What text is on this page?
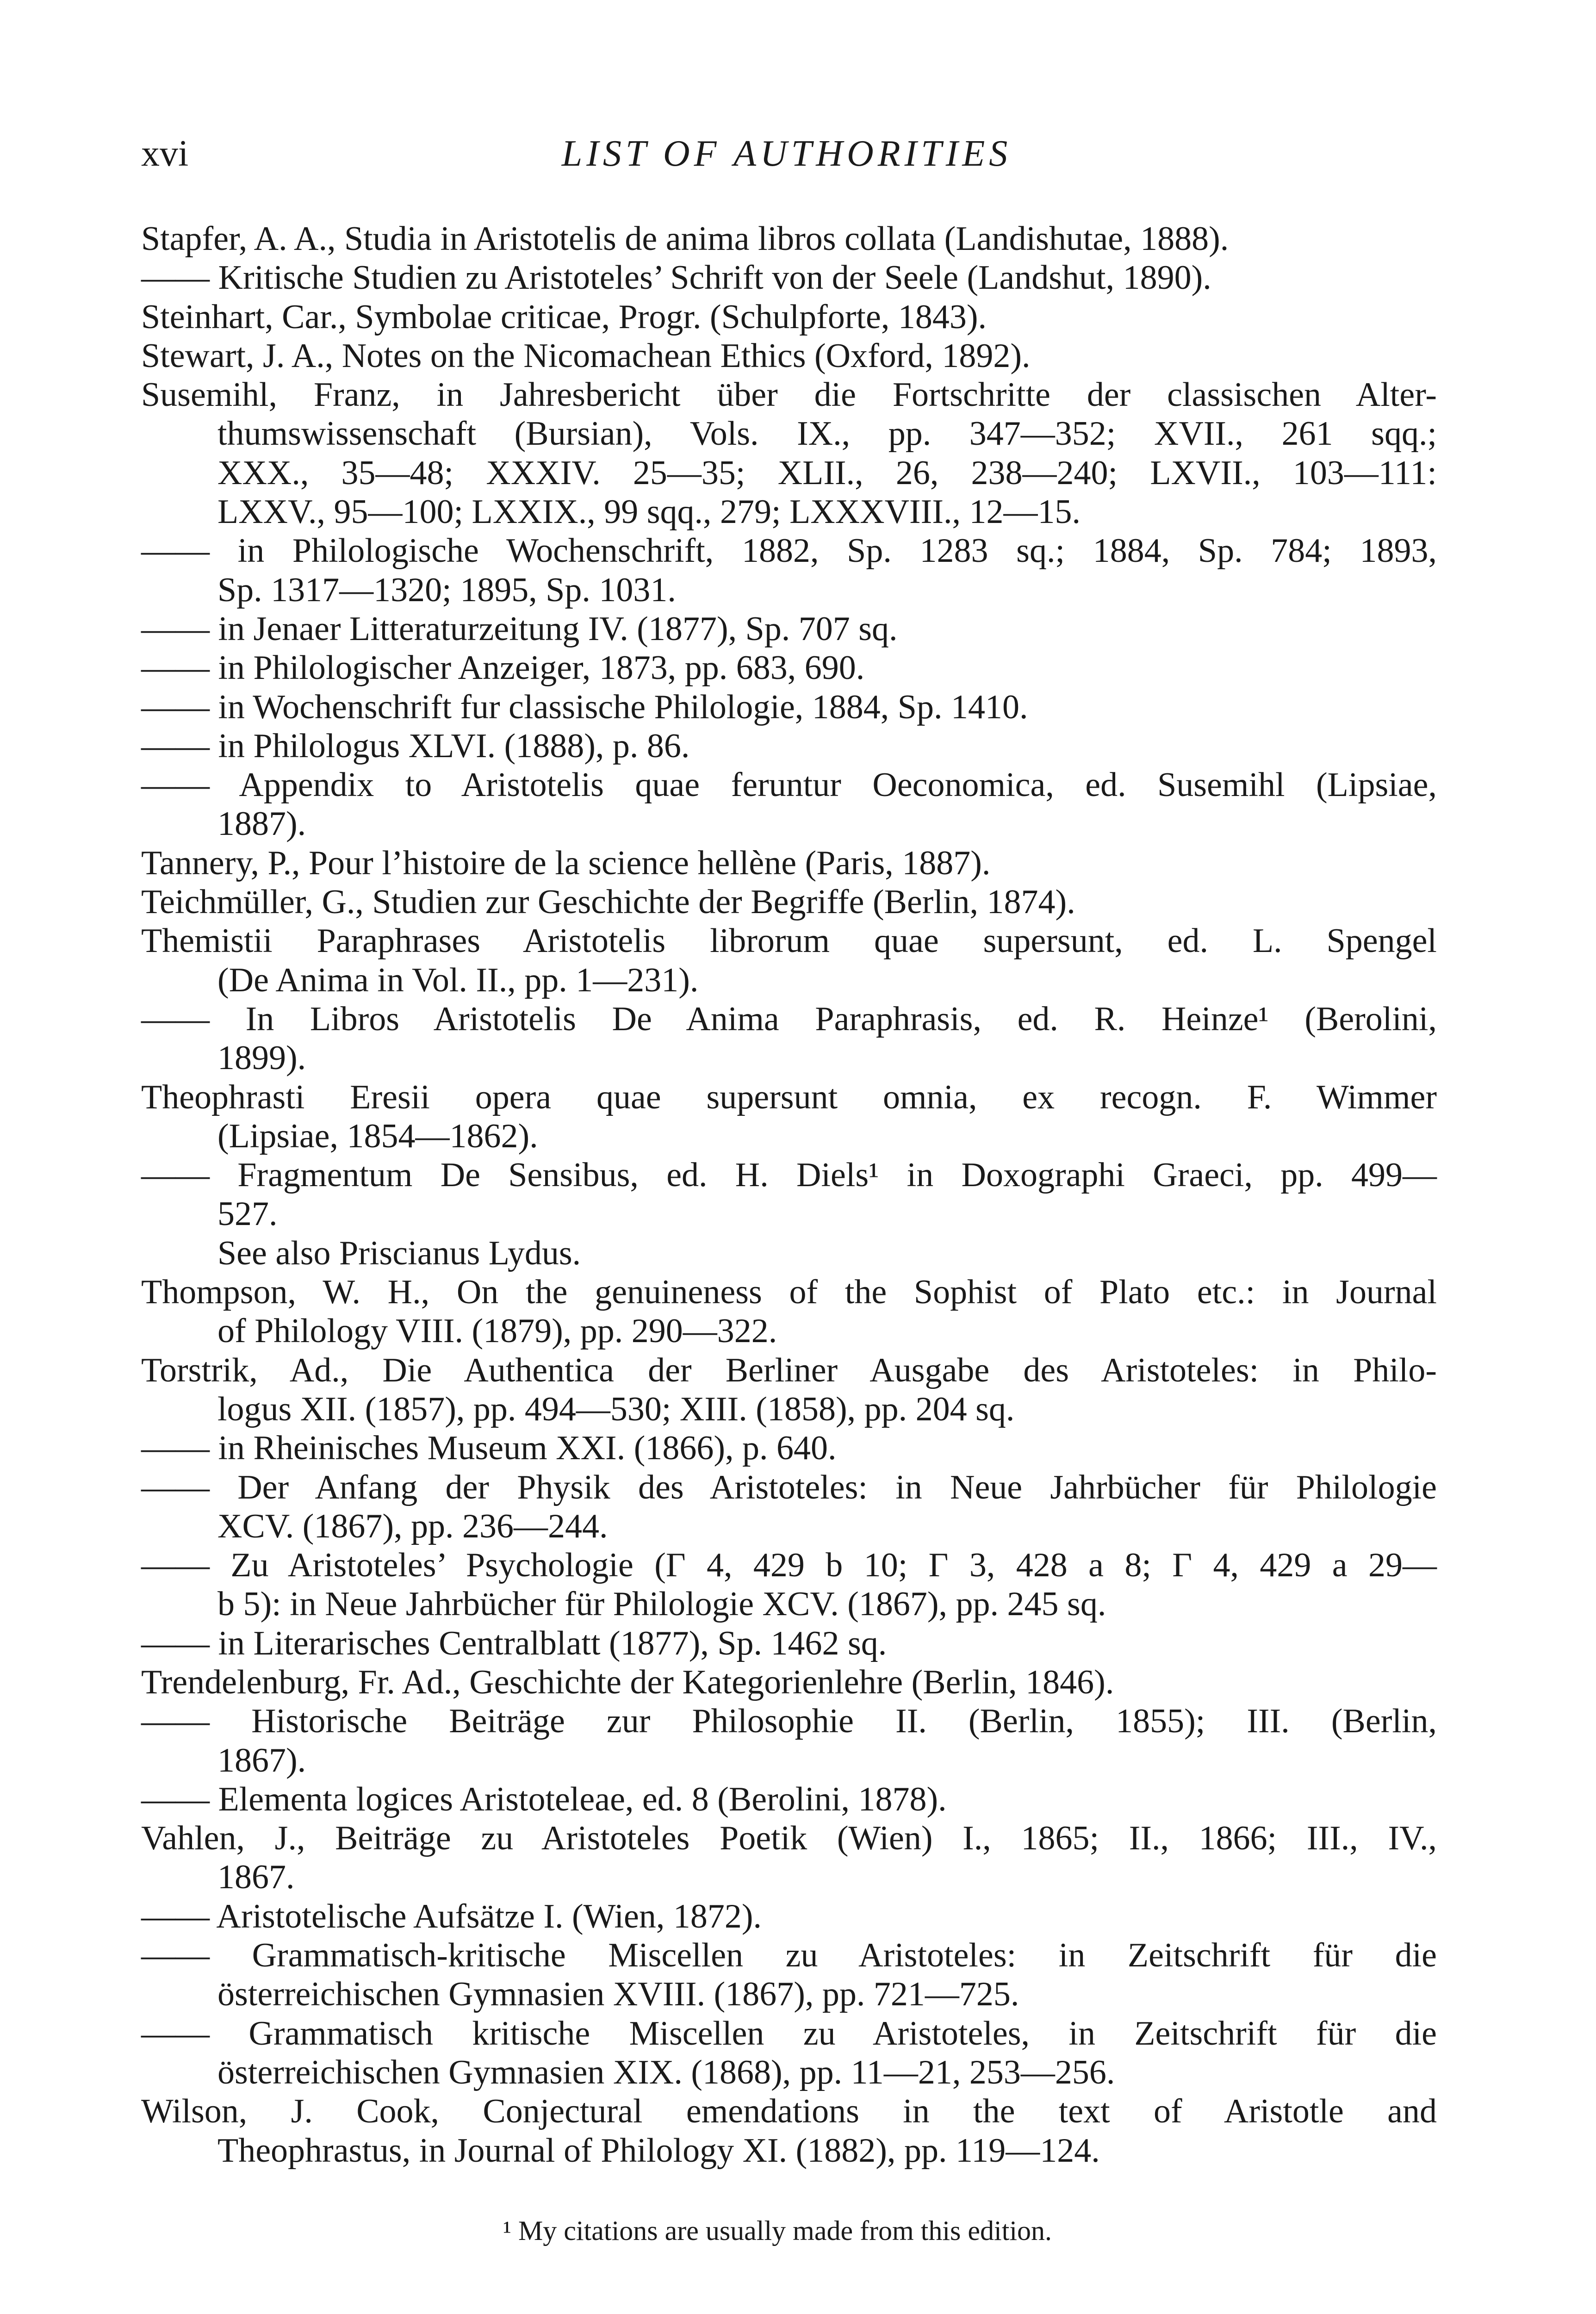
xvi	LIST OF AUTHORITIES
Stapfer, A. A., Studia in Aristotelis de anima libros collata (Landishutae, 1888).
—— Kritische Studien zu Aristoteles’ Schrift von der Seele (Landshut, 1890).
Steinhart, Car., Symbolae criticae, Progr. (Schulpforte, 1843).
Stewart, J. A., Notes on the Nicomachean Ethics (Oxford, 1892).
Susemihl, Franz, in Jahresbericht über die Fortschritte der classischen Alter-
thumswissenschaft (Bursian), Vols. IX., pp. 347—352; XVII., 261 sqq.;
XXX., 35—48; XXXIV. 25—35; XLII., 26, 238—240; LXVII., 103—111:
LXXV., 95—100; LXXIX., 99 sqq., 279; LXXXVIII., 12—15.
—— in Philologische Wochenschrift, 1882, Sp. 1283 sq.; 1884, Sp. 784; 1893,
Sp. 1317—1320; 1895, Sp. 1031.
—— in Jenaer Litteraturzeitung IV. (1877), Sp. 707 sq.
—— in Philologischer Anzeiger, 1873, pp. 683, 690.
—— in Wochenschrift fur classische Philologie, 1884, Sp. 1410.
—— in Philologus XLVI. (1888), p. 86.
—— Appendix to Aristotelis quae feruntur Oeconomica, ed. Susemihl (Lipsiae,
1887).
Tannery, P., Pour l’histoire de la science hellène (Paris, 1887).
Teichmüller, G., Studien zur Geschichte der Begriffe (Berlin, 1874).
Themistii Paraphrases Aristotelis librorum quae supersunt, ed. L. Spengel
(De Anima in Vol. II., pp. 1—231).
—— In Libros Aristotelis De Anima Paraphrasis, ed. R. Heinze¹ (Berolini,
1899).
Theophrasti Eresii opera quae supersunt omnia, ex recogn. F. Wimmer
(Lipsiae, 1854—1862).
—— Fragmentum De Sensibus, ed. H. Diels¹ in Doxographi Graeci, pp. 499—
527.
See also Priscianus Lydus.
Thompson, W. H., On the genuineness of the Sophist of Plato etc.: in Journal
of Philology VIII. (1879), pp. 290—322.
Torstrik, Ad., Die Authentica der Berliner Ausgabe des Aristoteles: in Philo-
logus XII. (1857), pp. 494—530; XIII. (1858), pp. 204 sq.
—— in Rheinisches Museum XXI. (1866), p. 640.
—— Der Anfang der Physik des Aristoteles: in Neue Jahrbücher für Philologie
XCV. (1867), pp. 236—244.
—— Zu Aristoteles’ Psychologie (Γ 4, 429 b 10; Γ 3, 428 a 8; Γ 4, 429 a 29—
b 5): in Neue Jahrbücher für Philologie XCV. (1867), pp. 245 sq.
—— in Literarisches Centralblatt (1877), Sp. 1462 sq.
Trendelenburg, Fr. Ad., Geschichte der Kategorienlehre (Berlin, 1846).
—— Historische Beiträge zur Philosophie II. (Berlin, 1855); III. (Berlin,
1867).
—— Elementa logices Aristoteleae, ed. 8 (Berolini, 1878).
Vahlen, J., Beiträge zu Aristoteles Poetik (Wien) I., 1865; II., 1866; III., IV.,
1867.
—— Aristotelische Aufsätze I. (Wien, 1872).
—— Grammatisch-kritische Miscellen zu Aristoteles: in Zeitschrift für die
österreichischen Gymnasien XVIII. (1867), pp. 721—725.
—— Grammatisch kritische Miscellen zu Aristoteles, in Zeitschrift für die
österreichischen Gymnasien XIX. (1868), pp. 11—21, 253—256.
Wilson, J. Cook, Conjectural emendations in the text of Aristotle and
Theophrastus, in Journal of Philology XI. (1882), pp. 119—124.
¹ My citations are usually made from this edition.
